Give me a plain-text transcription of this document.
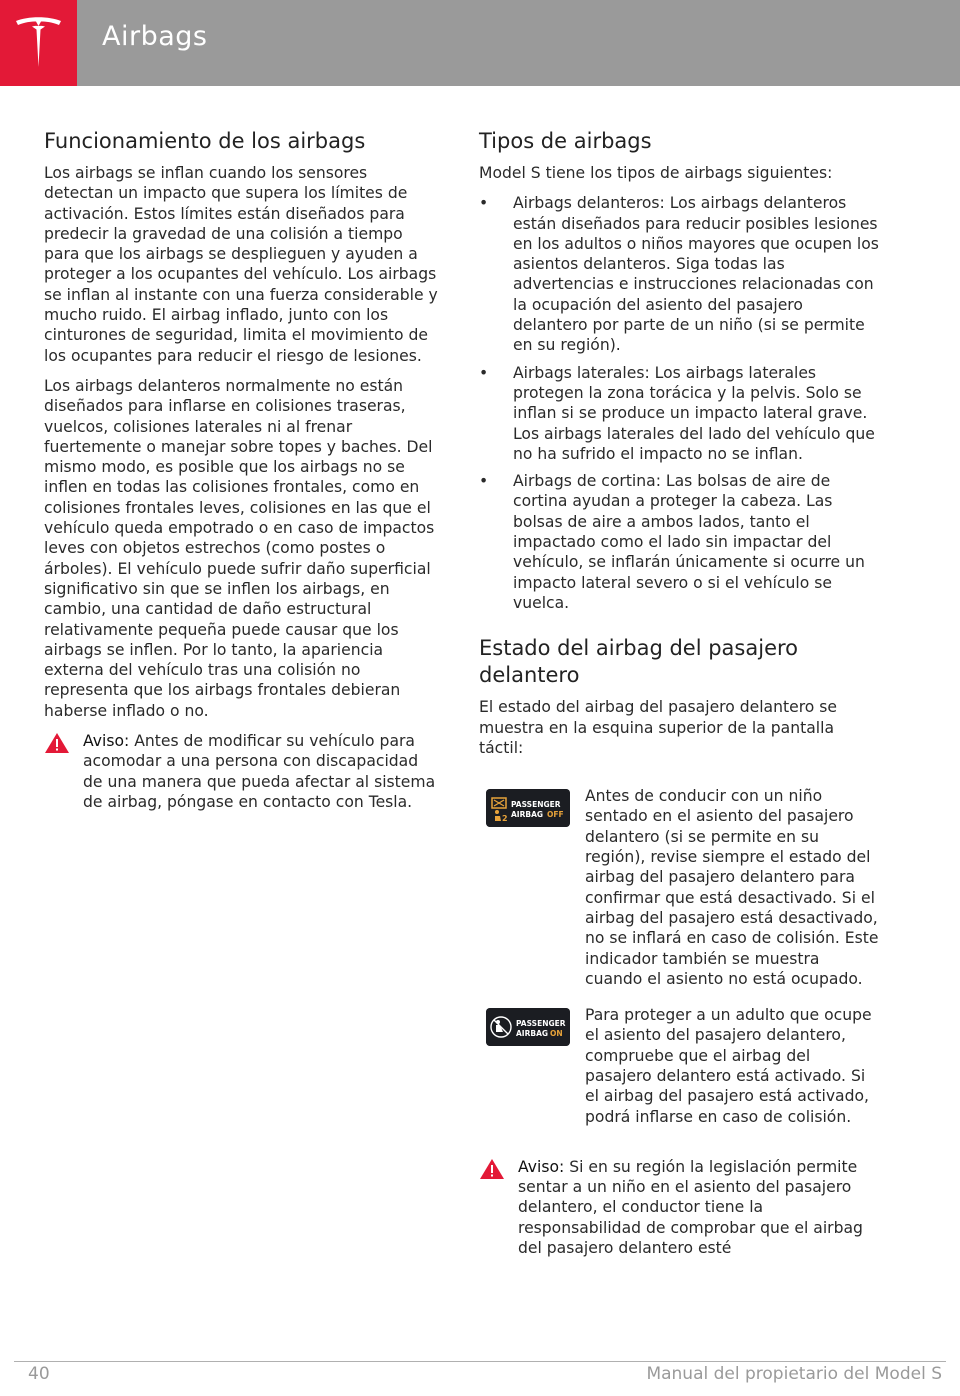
Airbags
Funcionamiento de los airbags

Los airbags se inflan cuando los sensores detectan un impacto que supera los límites de activación. Estos límites están diseñados para predecir la gravedad de una colisión a tiempo para que los airbags se desplieguen y ayuden a proteger a los ocupantes del vehículo. Los airbags se inflan al instante con una fuerza considerable y mucho ruido. El airbag inflado, junto con los cinturones de seguridad, limita el movimiento de los ocupantes para reducir el riesgo de lesiones.

Los airbags delanteros normalmente no están diseñados para inflarse en colisiones traseras, vuelcos, colisiones laterales ni al frenar fuertemente o manejar sobre topes y baches. Del mismo modo, es posible que los airbags no se inflen en todas las colisiones frontales, como en colisiones frontales leves, colisiones en las que el vehículo queda empotrado o en caso de impactos leves con objetos estrechos (como postes o árboles). El vehículo puede sufrir daño superficial significativo sin que se inflen los airbags, en cambio, una cantidad de daño estructural relativamente pequeña puede causar que los airbags se inflen. Por lo tanto, la apariencia externa del vehículo tras una colisión no representa que los airbags frontales debieran haberse inflado o no.

Aviso: Antes de modificar su vehículo para acomodar a una persona con discapacidad de una manera que pueda afectar al sistema de airbag, póngase en contacto con Tesla.
Tipos de airbags

Model S tiene los tipos de airbags siguientes:

• Airbags delanteros: Los airbags delanteros están diseñados para reducir posibles lesiones en los adultos o niños mayores que ocupen los asientos delanteros. Siga todas las advertencias e instrucciones relacionadas con la ocupación del asiento del pasajero delantero por parte de un niño (si se permite en su región).
• Airbags laterales: Los airbags laterales protegen la zona torácica y la pelvis. Solo se inflan si se produce un impacto lateral grave. Los airbags laterales del lado del vehículo que no ha sufrido el impacto no se inflan.
• Airbags de cortina: Las bolsas de aire de cortina ayudan a proteger la cabeza. Las bolsas de aire a ambos lados, tanto el impactado como el lado sin impactar del vehículo, se inflarán únicamente si ocurre un impacto lateral severo o si el vehículo se vuelca.
Estado del airbag del pasajero delantero

El estado del airbag del pasajero delantero se muestra en la esquina superior de la pantalla táctil:

2
PASSENGER
AIRBAG OFF

Antes de conducir con un niño sentado en el asiento del pasajero delantero (si se permite en su región), revise siempre el estado del airbag del pasajero delantero para confirmar que está desactivado. Si el airbag del pasajero está desactivado, no se inflará en caso de colisión. Este indicador también se muestra cuando el asiento no está ocupado.

PASSENGER
AIRBAG ON

Para proteger a un adulto que ocupe el asiento del pasajero delantero, compruebe que el airbag del pasajero delantero está activado. Si el airbag del pasajero está activado, podrá inflarse en caso de colisión.

Aviso: Si en su región la legislación permite sentar a un niño en el asiento del pasajero delantero, el conductor tiene la responsabilidad de comprobar que el airbag del pasajero delantero esté
40	Manual del propietario del Model S
